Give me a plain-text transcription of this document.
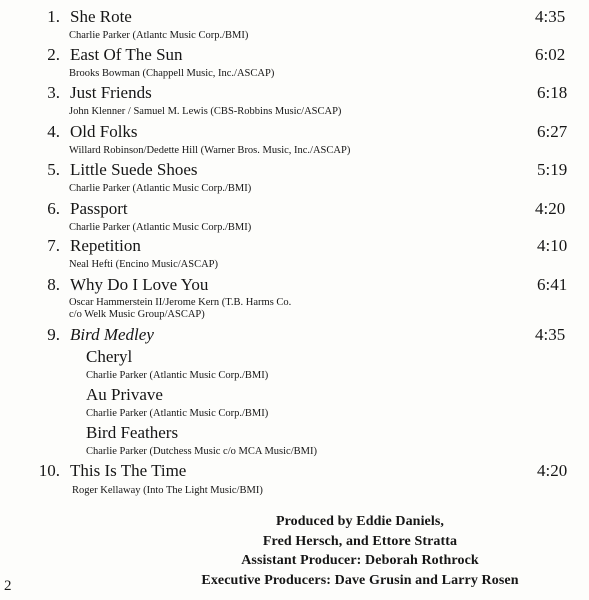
1. She Rote	4:35
Charlie Parker (Atlantc Music Corp./BMI)
2. East Of The Sun	6:02
Brooks Bowman (Chappell Music, Inc./ASCAP)
3. Just Friends	6:18
John Klenner / Samuel M. Lewis (CBS-Robbins Music/ASCAP)
4. Old Folks	6:27
Willard Robinson/Dedette Hill (Warner Bros. Music, Inc./ASCAP)
5. Little Suede Shoes	5:19
Charlie Parker (Atlantic Music Corp./BMI)
6. Passport	4:20
Charlie Parker (Atlantic Music Corp./BMI)
7. Repetition	4:10
Neal Hefti (Encino Music/ASCAP)
8. Why Do I Love You	6:41
Oscar Hammerstein II/Jerome Kern (T.B. Harms Co.
c/o Welk Music Group/ASCAP)
9. Bird Medley	4:35
Cheryl
Charlie Parker (Atlantic Music Corp./BMI)
Au Privave
Charlie Parker (Atlantic Music Corp./BMI)
Bird Feathers
Charlie Parker (Dutchess Music c/o MCA Music/BMI)
10. This Is The Time	4:20
Roger Kellaway (Into The Light Music/BMI)
Produced by Eddie Daniels,
Fred Hersch, and Ettore Stratta
Assistant Producer: Deborah Rothrock
Executive Producers: Dave Grusin and Larry Rosen
2
